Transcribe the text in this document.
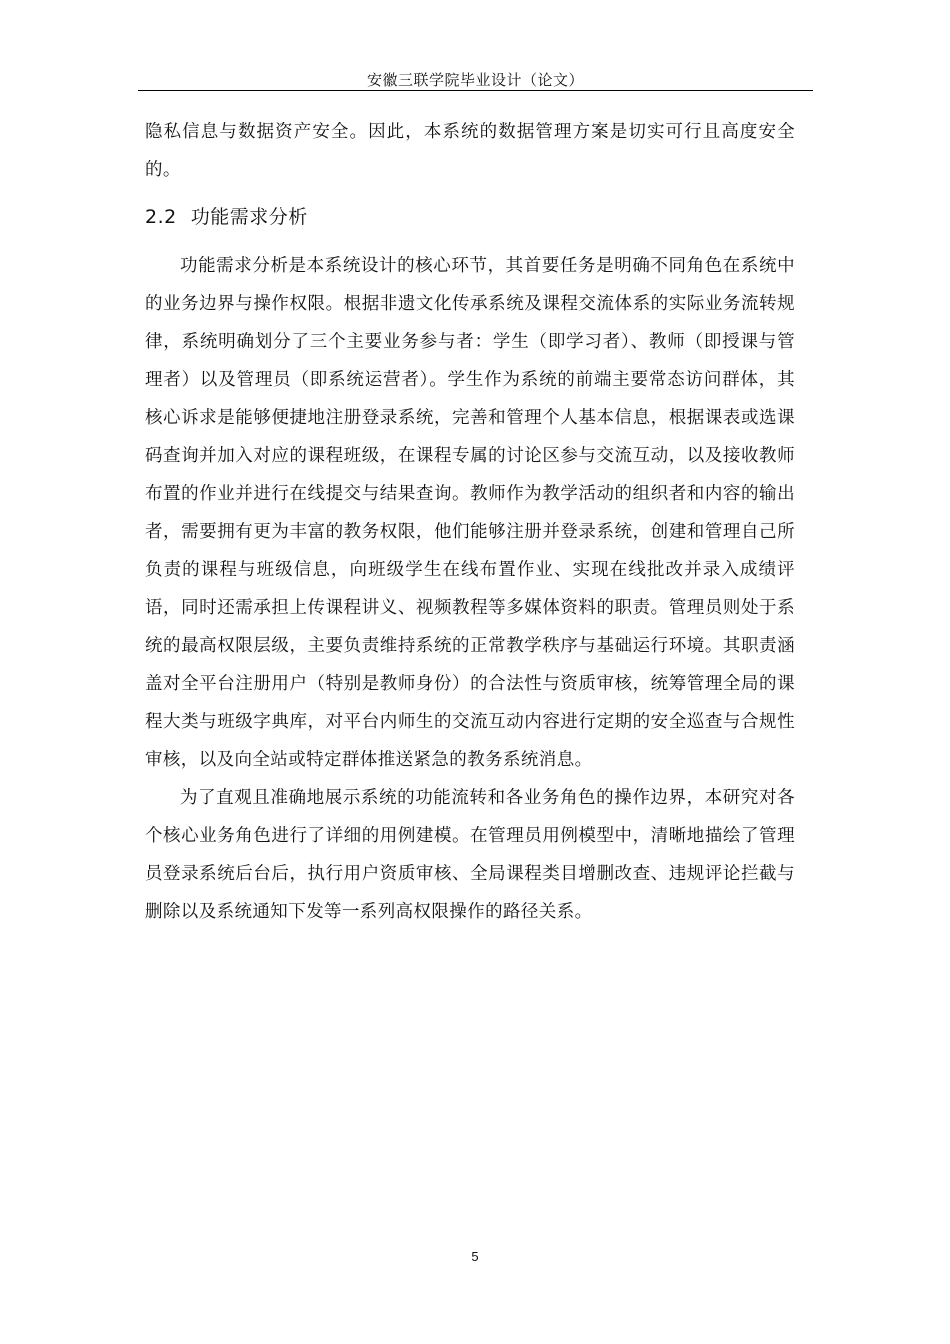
安徽三联学院毕业设计（论文）

隐私信息与数据资产安全。因此，本系统的数据管理方案是切实可行且高度安全的。

2.2 功能需求分析

功能需求分析是本系统设计的核心环节，其首要任务是明确不同角色在系统中的业务边界与操作权限。根据非遗文化传承系统及课程交流体系的实际业务流转规律，系统明确划分了三个主要业务参与者：学生（即学习者）、教师（即授课与管理者）以及管理员（即系统运营者）。学生作为系统的前端主要常态访问群体，其核心诉求是能够便捷地注册登录系统，完善和管理个人基本信息，根据课表或选课码查询并加入对应的课程班级，在课程专属的讨论区参与交流互动，以及接收教师布置的作业并进行在线提交与结果查询。教师作为教学活动的组织者和内容的输出者，需要拥有更为丰富的教务权限，他们能够注册并登录系统，创建和管理自己所负责的课程与班级信息，向班级学生在线布置作业、实现在线批改并录入成绩评语，同时还需承担上传课程讲义、视频教程等多媒体资料的职责。管理员则处于系统的最高权限层级，主要负责维持系统的正常教学秩序与基础运行环境。其职责涵盖对全平台注册用户（特别是教师身份）的合法性与资质审核，统筹管理全局的课程大类与班级字典库，对平台内师生的交流互动内容进行定期的安全巡查与合规性审核，以及向全站或特定群体推送紧急的教务系统消息。

为了直观且准确地展示系统的功能流转和各业务角色的操作边界，本研究对各个核心业务角色进行了详细的用例建模。在管理员用例模型中，清晰地描绘了管理员登录系统后台后，执行用户资质审核、全局课程类目增删改查、违规评论拦截与删除以及系统通知下发等一系列高权限操作的路径关系。

5
